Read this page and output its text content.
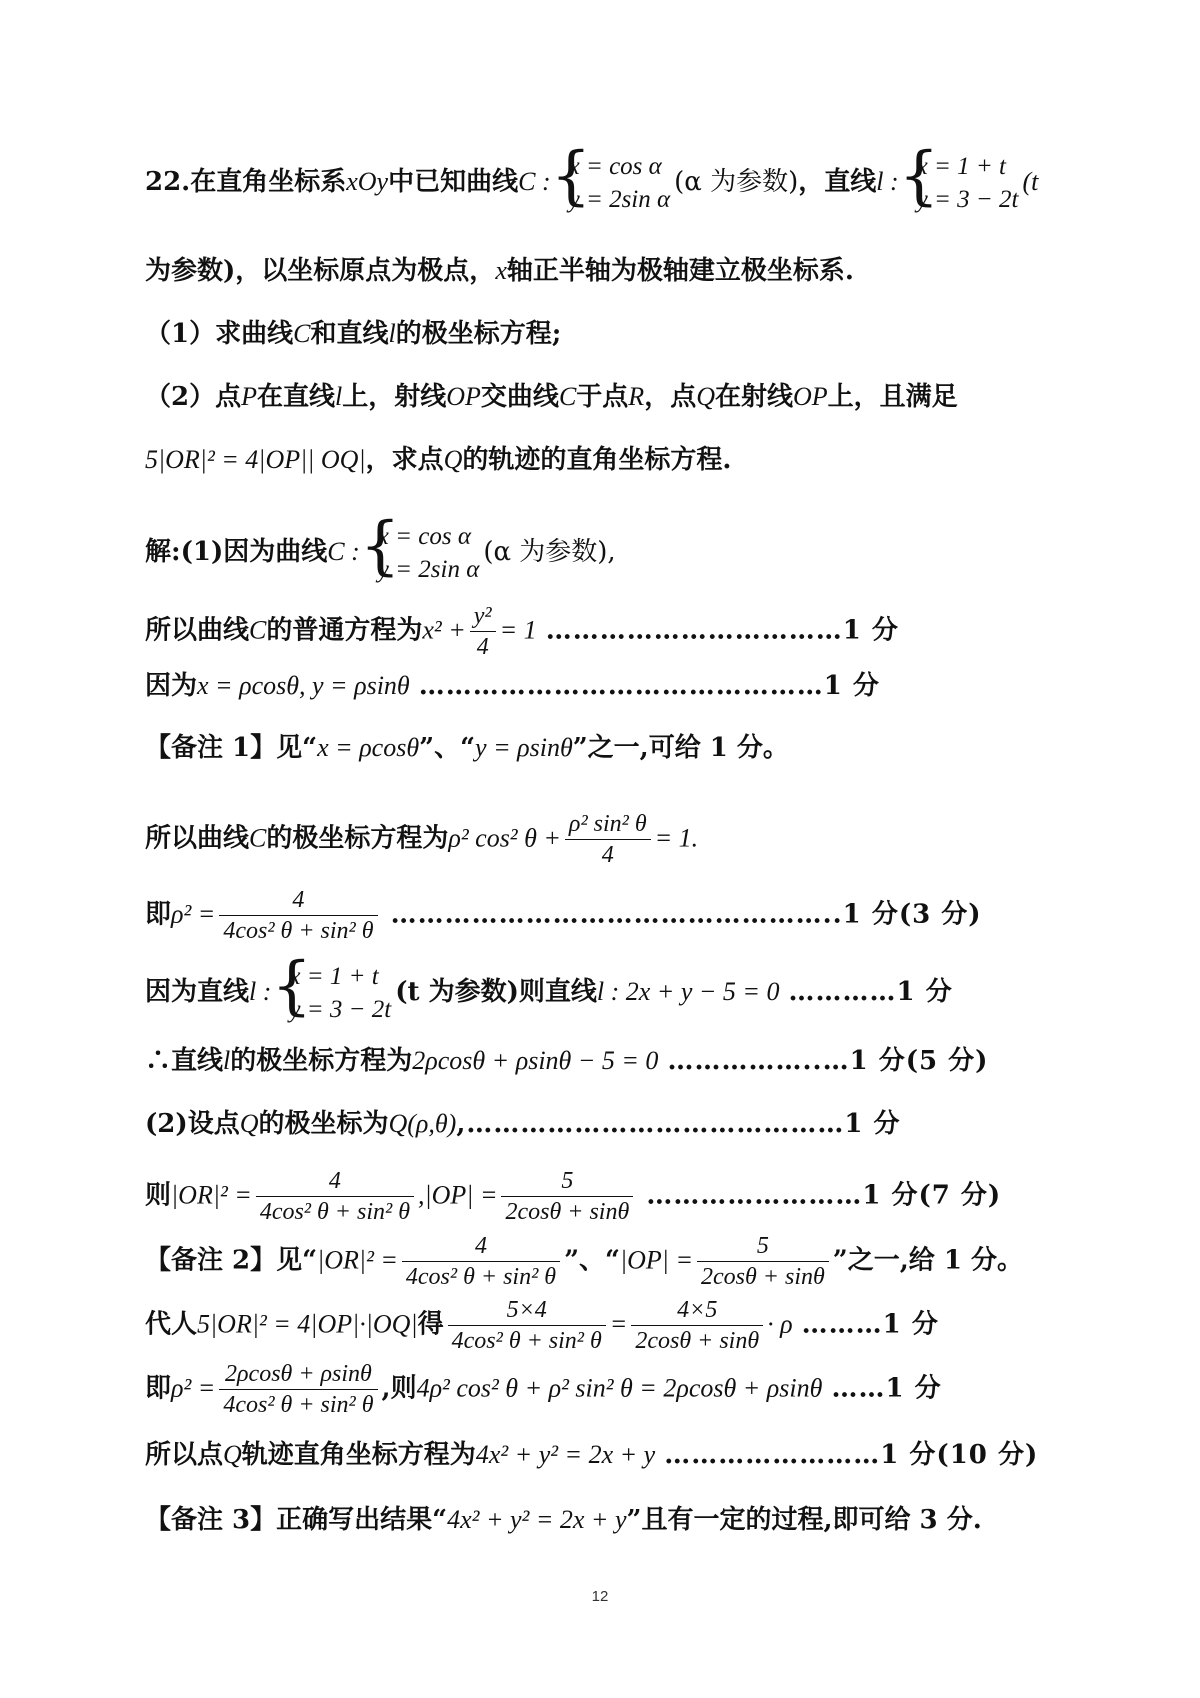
22.在直角坐标系xOy中已知曲线C :
{ x = cos α
y = 2sin α
(α 为参数)，直线l :
{ x = 1 + t
y = 3 − 2t
(t
为参数)，以坐标原点为极点，x轴正半轴为极轴建立极坐标系.
（1）求曲线C和直线l的极坐标方程;
（2）点P在直线l上，射线OP交曲线C于点R，点Q在射线OP上，且满足
5|OR|² = 4|OP|| OQ|，求点Q的轨迹的直角坐标方程.
解:(1)因为曲线C :
{ x = cos α
y = 2sin α
(α 为参数),
所以曲线C的普通方程为$x^2 + \frac{\text{y²}}{4} = 1$ ……………………………1 分
因为x = ρcosθ, y = ρsinθ ………………………………………1 分
【备注 1】见“x = ρcosθ”、“y = ρsinθ”之一,可给 1 分。
所以曲线C的极坐标方程为ρ² cos² $\theta + \frac{\text{ρ² sin² θ}}{4} = 1$.
即$\rho^2 = \frac{4}{\text{4cos² θ + sin² θ}}$ …………………………………………..1 分(3 分)
因为直线l :
{ x = 1 + t
y = 3 − 2t
(t 为参数)则直线l : 2x + y − 5 = 0 …………1 分
∴直线l的极坐标方程为2ρcosθ + ρsinθ − 5 = 0 ……………..…1 分(5 分)
(2)设点Q的极坐标为Q(ρ,θ),……………………………………1 分
则$|OR|^2 = \frac{4}{\text{4cos² θ + sin² θ}} ,|OP| = \frac{5}{2\cos\theta + \sin\theta}$ ……………………1 分(7 分)
【备注 2】见“$|OR|^2 = \frac{4}{\text{4cos² θ + sin² θ}}$ ”、“$|OP| = \frac{5}{2\cos\theta + \sin\theta}$ ”之一,给 1 分。
代人5|OR|² = 4|OP|·|OQ|得 $\frac{5\times 4}{\text{4cos² θ + sin² θ}} = \frac{4\times 5}{2\cos\theta + \sin\theta} \cdot \rho$ ………1 分
即$\rho^2 = \frac{2\rho\cos\theta + \rho\sin\theta}{\text{4cos² θ + sin² θ}}$ ,则4ρ² cos² θ + ρ² sin² θ = 2ρcosθ + ρsinθ ……1 分
所以点Q轨迹直角坐标方程为4x² + y² = 2x + y ……………………1 分(10 分)
【备注 3】正确写出结果“4x² + y² = 2x + y”且有一定的过程,即可给 3 分.
12
